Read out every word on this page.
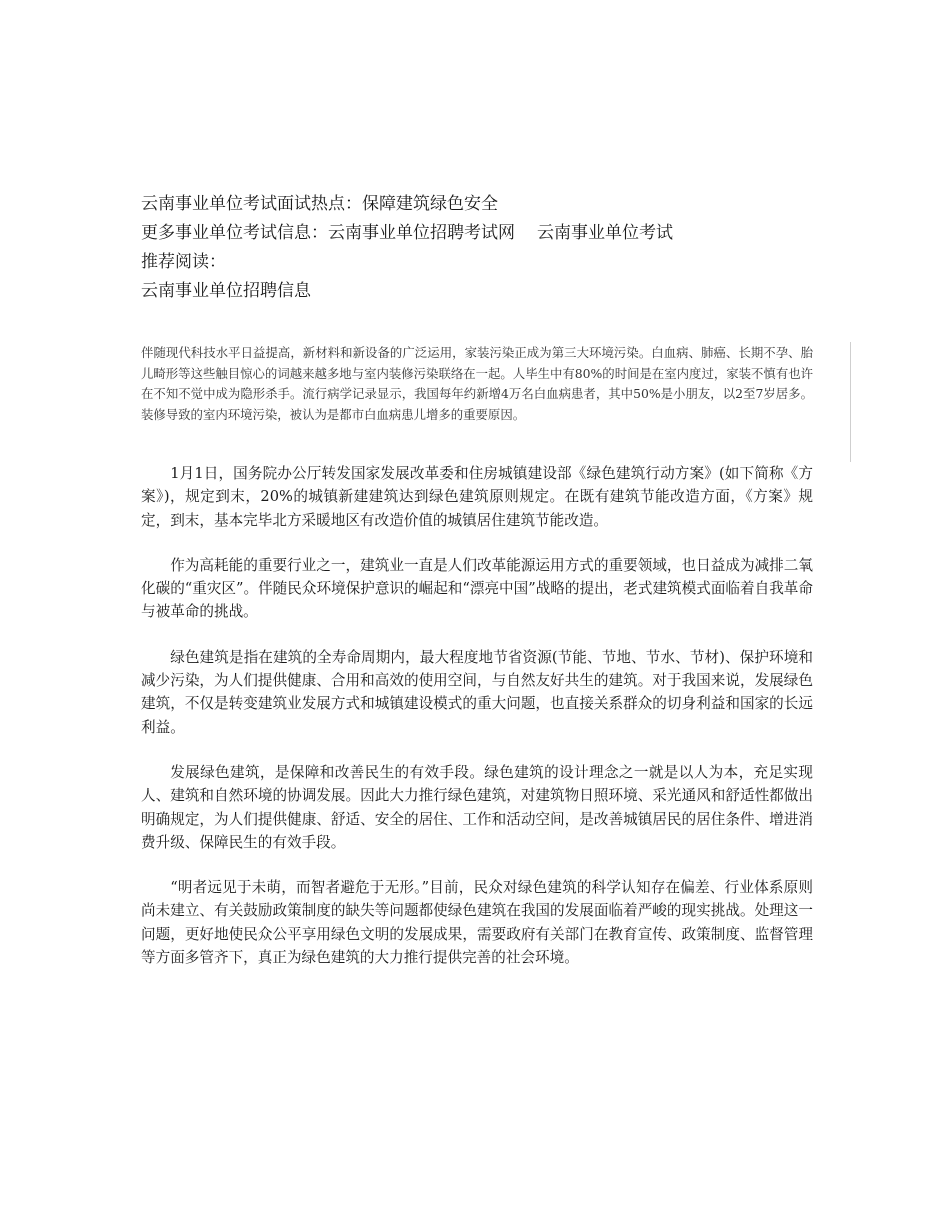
云南事业单位考试面试热点：保障建筑绿色安全
更多事业单位考试信息：云南事业单位招聘考试网 云南事业单位考试
推荐阅读：
云南事业单位招聘信息
伴随现代科技水平日益提高，新材料和新设备的广泛运用，家装污染正成为第三大环境污染。白血病、肺癌、长期不孕、胎儿畸形等这些触目惊心的词越来越多地与室内装修污染联络在一起。人毕生中有80%的时间是在室内度过，家装不慎有也许在不知不觉中成为隐形杀手。流行病学记录显示，我国每年约新增4万名白血病患者，其中50%是小朋友，以2至7岁居多。装修导致的室内环境污染，被认为是都市白血病患儿增多的重要原因。

1月1日，国务院办公厅转发国家发展改革委和住房城镇建设部《绿色建筑行动方案》(如下简称《方案》)，规定到末，20%的城镇新建建筑达到绿色建筑原则规定。在既有建筑节能改造方面，《方案》规定，到末，基本完毕北方采暖地区有改造价值的城镇居住建筑节能改造。

作为高耗能的重要行业之一，建筑业一直是人们改革能源运用方式的重要领域，也日益成为减排二氧化碳的“重灾区”。伴随民众环境保护意识的崛起和“漂亮中国”战略的提出，老式建筑模式面临着自我革命与被革命的挑战。

绿色建筑是指在建筑的全寿命周期内，最大程度地节省资源(节能、节地、节水、节材)、保护环境和减少污染，为人们提供健康、合用和高效的使用空间，与自然友好共生的建筑。对于我国来说，发展绿色建筑，不仅是转变建筑业发展方式和城镇建设模式的重大问题，也直接关系群众的切身利益和国家的长远利益。

发展绿色建筑，是保障和改善民生的有效手段。绿色建筑的设计理念之一就是以人为本，充足实现人、建筑和自然环境的协调发展。因此大力推行绿色建筑，对建筑物日照环境、采光通风和舒适性都做出明确规定，为人们提供健康、舒适、安全的居住、工作和活动空间，是改善城镇居民的居住条件、增进消费升级、保障民生的有效手段。

“明者远见于未萌，而智者避危于无形。”目前，民众对绿色建筑的科学认知存在偏差、行业体系原则尚未建立、有关鼓励政策制度的缺失等问题都使绿色建筑在我国的发展面临着严峻的现实挑战。处理这一问题，更好地使民众公平享用绿色文明的发展成果，需要政府有关部门在教育宣传、政策制度、监督管理等方面多管齐下，真正为绿色建筑的大力推行提供完善的社会环境。
